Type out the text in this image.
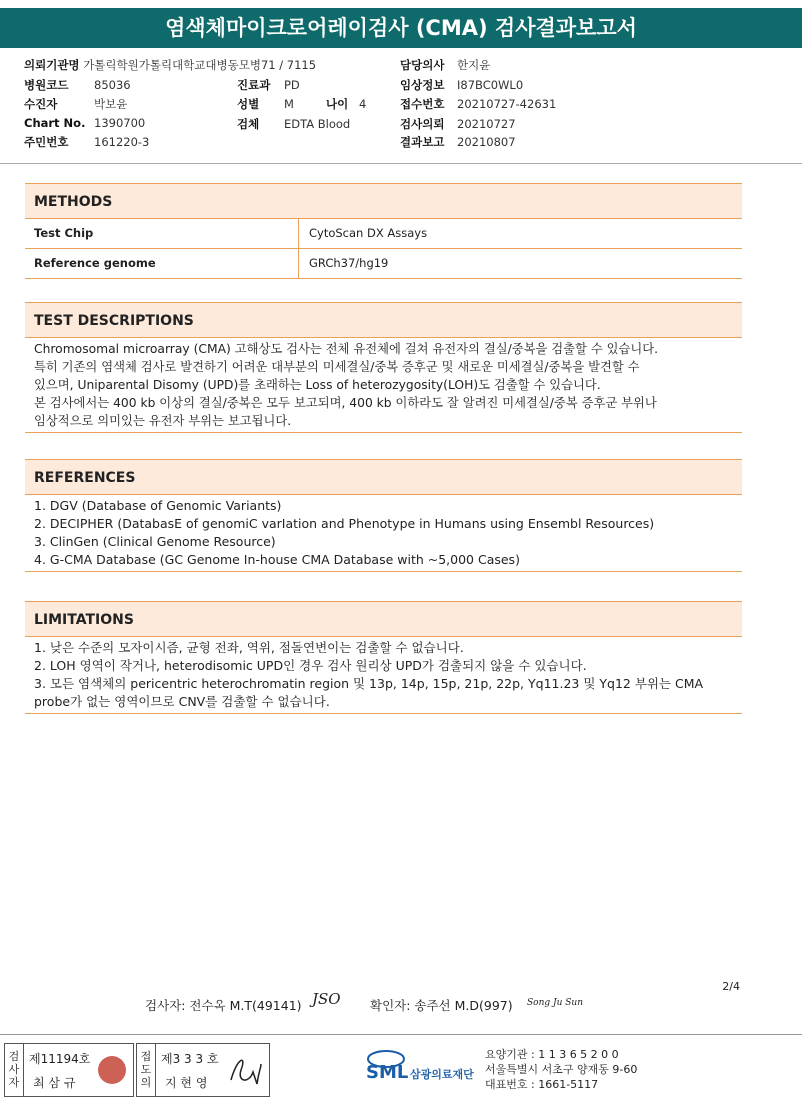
염색체마이크로어레이검사 (CMA) 검사결과보고서
의뢰기관명 가톨릭학원가톨릭대학교대병동모병71 / 7115
병원코드 85036
수진자	박보윤
Chart No. 1390700
주민번호 161220-3
진료과 PD
성별 M	나이 4
검체 EDTA Blood
담당의사 한지윤
임상정보 I87BC0WL0
접수번호 20210727-42631
검사의뢰 20210727
결과보고 20210807
METHODS
Test Chip	CytoScan DX Assays
Reference genome	GRCh37/hg19
TEST DESCRIPTIONS

Chromosomal microarray (CMA) 고해상도 검사는 전체 유전체에 걸쳐 유전자의 결실/중복을 검출할 수 있습니다.

특히 기존의 염색체 검사로 발견하기 어려운 대부분의 미세결실/중복 증후군 및 새로운 미세결실/중복을 발견할 수

있으며, Uniparental Disomy (UPD)를 초래하는 Loss of heterozygosity(LOH)도 검출할 수 있습니다.

본 검사에서는 400 kb 이상의 결실/중복은 모두 보고되며, 400 kb 이하라도 잘 알려진 미세결실/중복 증후군 부위나

임상적으로 의미있는 유전자 부위는 보고됩니다.

REFERENCES

1. DGV (Database of Genomic Variants)

2. DECIPHER (DatabasE of genomiC varIation and Phenotype in Humans using Ensembl Resources)

3. ClinGen (Clinical Genome Resource)

4. G-CMA Database (GC Genome In-house CMA Database with ~5,000 Cases)

LIMITATIONS

1. 낮은 수준의 모자이시즘, 균형 전좌, 역위, 점돌연변이는 검출할 수 없습니다.

2. LOH 영역이 작거나, heterodisomic UPD인 경우 검사 원리상 UPD가 검출되지 않을 수 있습니다.

3. 모든 염색체의 pericentric heterochromatin region 및 13p, 14p, 15p, 21p, 22p, Yq11.23 및 Yq12 부위는 CMA

probe가 없는 영역이므로 CNV를 검출할 수 없습니다.

2/4
검사자: 전수옥 M.T(49141) JSO 확인자: 송주선 M.D(997) Song Ju Sun
검사자
제11194호
최 삼 규
접도의
제3 3 3 호
지 현 영	SML 삼광의료재단
요양기관 : 1 1 3 6 5 2 0 0
서울특별시 서초구 양재동 9-60
대표번호 : 1661-5117
